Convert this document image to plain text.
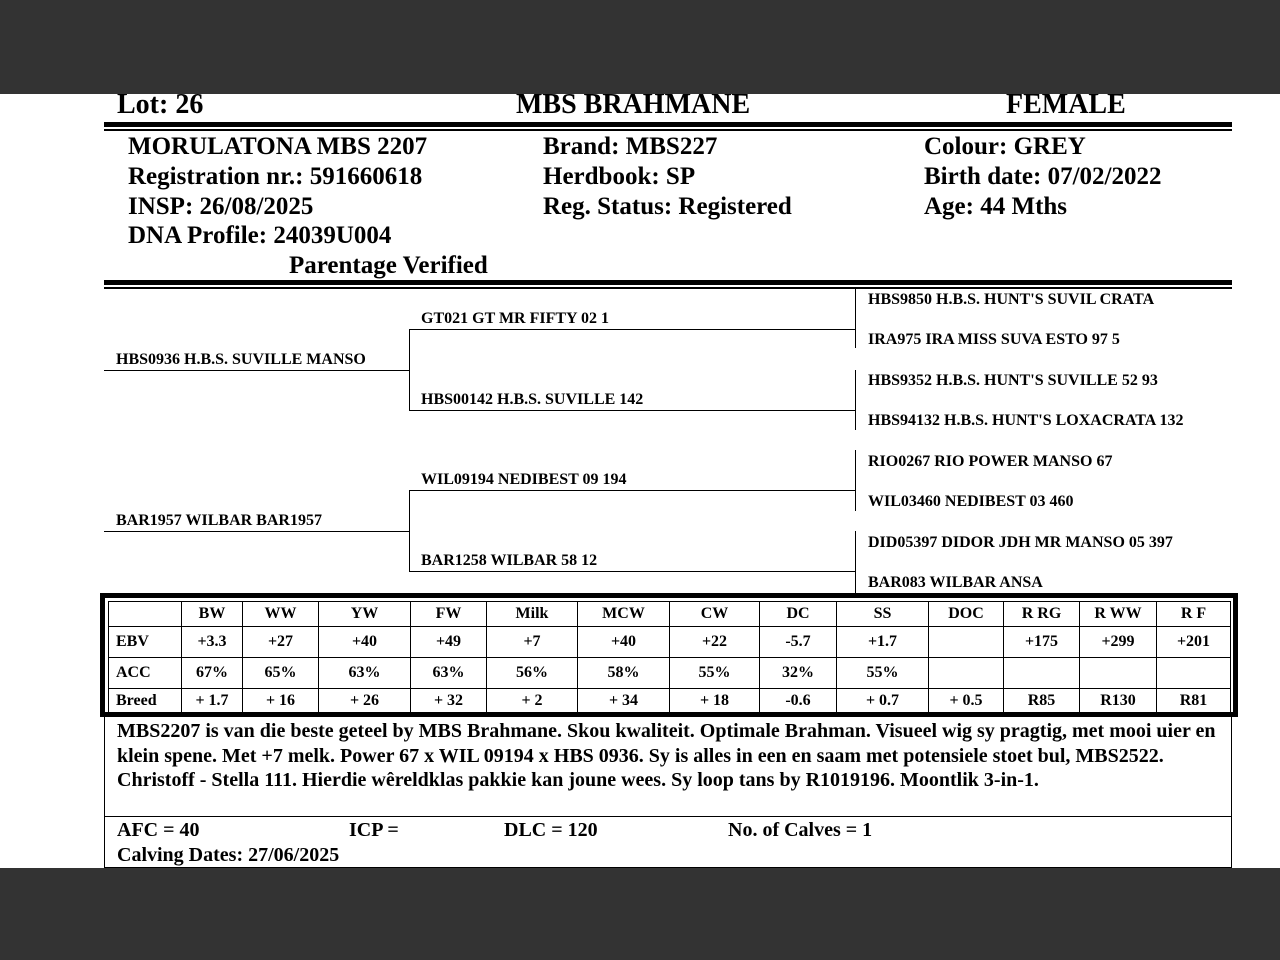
Lot: 26	MBS BRAHMANE	FEMALE
MORULATONA MBS 2207
Registration nr.: 591660618
INSP: 26/08/2025
DNA Profile: 24039U004
Parentage Verified
Brand: MBS227
Herdbook: SP
Reg. Status: Registered
Colour: GREY
Birth date: 07/02/2022
Age: 44 Mths
HBS0936 H.B.S. SUVILLE MANSO
BAR1957 WILBAR BAR1957
GT021 GT MR FIFTY 02 1
HBS00142 H.B.S. SUVILLE 142
WIL09194 NEDIBEST 09 194
BAR1258 WILBAR 58 12
HBS9850 H.B.S. HUNT'S SUVIL CRATA
IRA975 IRA MISS SUVA ESTO 97 5
HBS9352 H.B.S. HUNT'S SUVILLE 52 93
HBS94132 H.B.S. HUNT'S LOXACRATA 132
RIO0267 RIO POWER MANSO 67
WIL03460 NEDIBEST 03 460
DID05397 DIDOR JDH MR MANSO 05 397
BAR083 WILBAR ANSA
	BW	WW	YW	FW	Milk	MCW	CW	DC	SS	DOC	R RG	R WW	R F
EBV	+3.3	+27	+40	+49	+7	+40	+22	-5.7	+1.7		+175	+299	+201
ACC	67%	65%	63%	63%	56%	58%	55%	32%	55%				
Breed	+ 1.7	+ 16	+ 26	+ 32	+ 2	+ 34	+ 18	-0.6	+ 0.7	+ 0.5	R85	R130	R81

MBS2207 is van die beste geteel by MBS Brahmane. Skou kwaliteit. Optimale Brahman. Visueel wig sy pragtig, met mooi uier en klein spene. Met +7 melk. Power 67 x WIL 09194 x HBS 0936. Sy is alles in een en saam met potensiele stoet bul, MBS2522. Christoff - Stella 111. Hierdie wêreldklas pakkie kan joune wees. Sy loop tans by R1019196. Moontlik 3-in-1.

AFC = 40	ICP =	DLC = 120	No. of Calves = 1
Calving Dates: 27/06/2025
